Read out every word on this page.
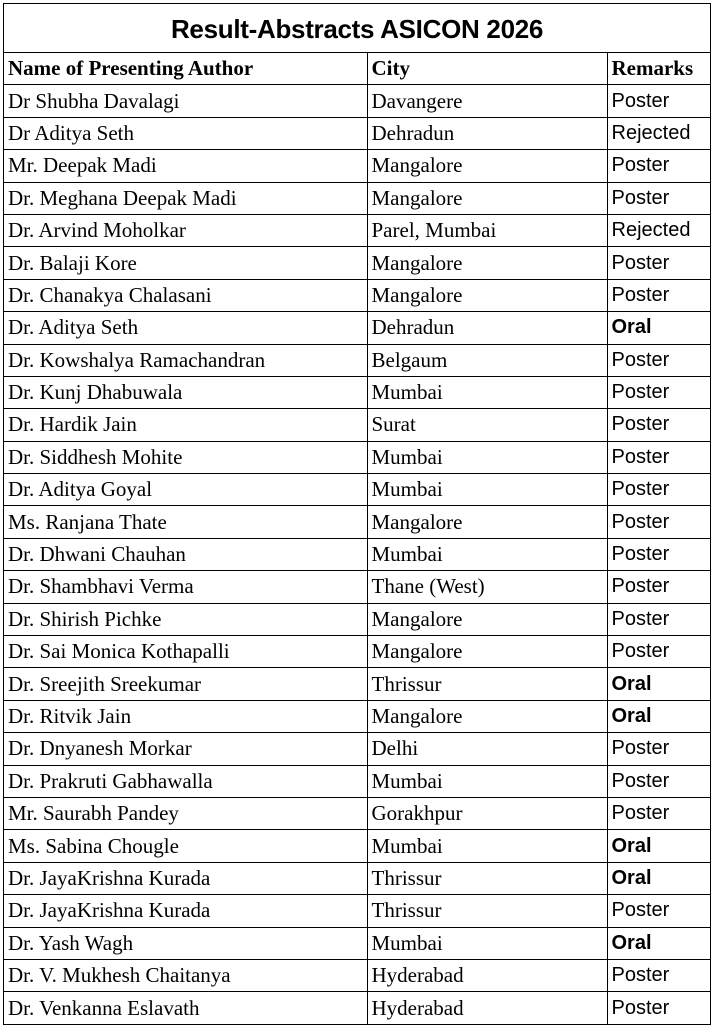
Result-Abstracts ASICON 2026
Name of Presenting Author	City	Remarks
Dr Shubha Davalagi	Davangere	Poster
Dr Aditya Seth	Dehradun	Rejected
Mr. Deepak Madi	Mangalore	Poster
Dr. Meghana Deepak Madi	Mangalore	Poster
Dr. Arvind Moholkar	Parel, Mumbai	Rejected
Dr. Balaji Kore	Mangalore	Poster
Dr. Chanakya Chalasani	Mangalore	Poster
Dr. Aditya Seth	Dehradun	Oral
Dr. Kowshalya Ramachandran	Belgaum	Poster
Dr. Kunj Dhabuwala	Mumbai	Poster
Dr. Hardik Jain	Surat	Poster
Dr. Siddhesh Mohite	Mumbai	Poster
Dr. Aditya Goyal	Mumbai	Poster
Ms. Ranjana Thate	Mangalore	Poster
Dr. Dhwani Chauhan	Mumbai	Poster
Dr. Shambhavi Verma	Thane (West)	Poster
Dr. Shirish Pichke	Mangalore	Poster
Dr. Sai Monica Kothapalli	Mangalore	Poster
Dr. Sreejith Sreekumar	Thrissur	Oral
Dr. Ritvik Jain	Mangalore	Oral
Dr. Dnyanesh Morkar	Delhi	Poster
Dr. Prakruti Gabhawalla	Mumbai	Poster
Mr. Saurabh Pandey	Gorakhpur	Poster
Ms. Sabina Chougle	Mumbai	Oral
Dr. JayaKrishna Kurada	Thrissur	Oral
Dr. JayaKrishna Kurada	Thrissur	Poster
Dr. Yash Wagh	Mumbai	Oral
Dr. V. Mukhesh Chaitanya	Hyderabad	Poster
Dr. Venkanna Eslavath	Hyderabad	Poster
